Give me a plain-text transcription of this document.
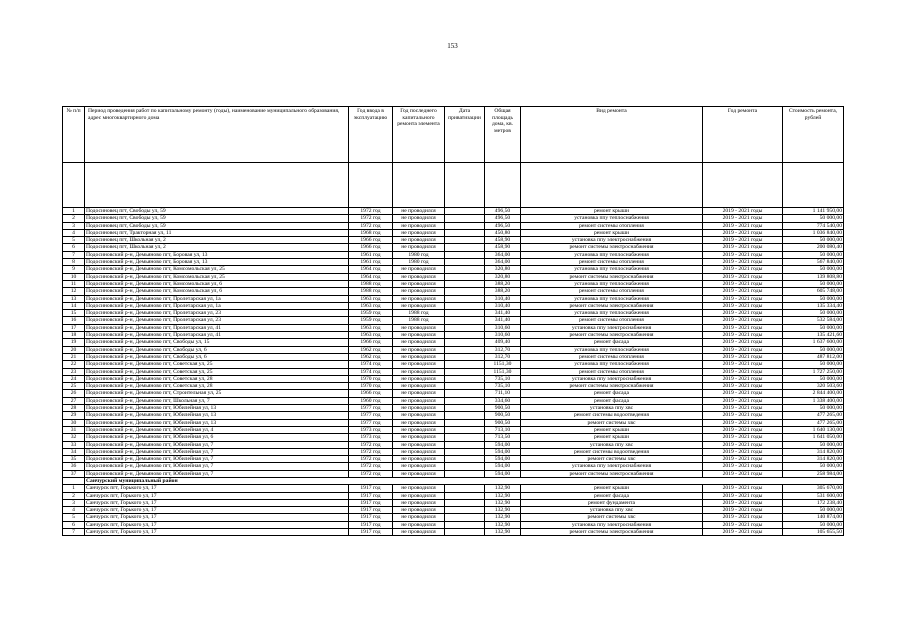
153
№ п/п	Период проведения работ по капитальному ремонту (годы), наименование муниципального образования, адрес многоквартирного дома	Год ввода в эксплуатацию	Год последнего капитального ремонта элемента	Дата приватизации	Общая площадь дома, кв. метров	Вид ремонта	Год ремонта	Стоимость ремонта, рублей

1	Подосиновец пгт, Свободы ул, 59	1972 год	не проводился		496,50	ремонт крыши	2019 - 2021 годы	1 141 950,00
2	Подосиновец пгт, Свободы ул, 59	1972 год	не проводился		496,50	установка ппу теплоснабжения	2019 - 2021 годы	50 000,00
3	Подосиновец пгт, Свободы ул, 59	1972 год	не проводился		496,50	ремонт системы отопления	2019 - 2021 годы	774 540,00
4	Подосиновец пгт, Тракторная ул, 11	1968 год	не проводился		450,80	ремонт крыши	2019 - 2021 годы	1 036 840,00
5	Подосиновец пгт, Школьная ул, 2	1966 год	не проводился		458,90	установка ппу электроснабжения	2019 - 2021 годы	50 000,00
6	Подосиновец пгт, Школьная ул, 2	1966 год	не проводился		458,90	ремонт системы электроснабжения	2019 - 2021 годы	200 080,40
7	Подосиновский р-н, Демьяново пгт, Боровая ул, 13	1961 год	1980 год		364,00	установка ппу теплоснабжения	2019 - 2021 годы	50 000,00
8	Подосиновский р-н, Демьяново пгт, Боровая ул, 13	1961 год	1980 год		364,00	ремонт системы отопления	2019 - 2021 годы	567 840,00
9	Подосиновский р-н, Демьяново пгт, Комсомольская ул, 25	1964 год	не проводился		320,80	установка ппу теплоснабжения	2019 - 2021 годы	50 000,00
10	Подосиновский р-н, Демьяново пгт, Комсомольская ул, 25	1964 год	не проводился		320,80	ремонт системы электроснабжения	2019 - 2021 годы	139 808,80
11	Подосиновский р-н, Демьяново пгт, Комсомольская ул, 6	1988 год	не проводился		388,20	установка ппу теплоснабжения	2019 - 2021 годы	50 000,00
12	Подосиновский р-н, Демьяново пгт, Комсомольская ул, 6	1988 год	не проводился		388,20	ремонт системы отопления	2019 - 2021 годы	605 748,00
13	Подосиновский р-н, Демьяново пгт, Пролетарская ул, 1а	1963 год	не проводился		310,40	установка ппу теплоснабжения	2019 - 2021 годы	50 000,00
14	Подосиновский р-н, Демьяново пгт, Пролетарская ул, 1а	1963 год	не проводился		310,40	ремонт системы электроснабжения	2019 - 2021 годы	135 334,40
15	Подосиновский р-н, Демьяново пгт, Пролетарская ул, 23	1959 год	1988 год		341,40	установка ппу теплоснабжения	2019 - 2021 годы	50 000,00
16	Подосиновский р-н, Демьяново пгт, Пролетарская ул, 23	1959 год	1988 год		341,40	ремонт системы отопления	2019 - 2021 годы	532 584,00
17	Подосиновский р-н, Демьяново пгт, Пролетарская ул, 41	1963 год	не проводился		310,60	установка ппу электроснабжения	2019 - 2021 годы	50 000,00
18	Подосиновский р-н, Демьяново пгт, Пролетарская ул, 41	1963 год	не проводился		310,60	ремонт системы электроснабжения	2019 - 2021 годы	135 421,60
19	Подосиновский р-н, Демьяново пгт, Свободы ул, 15	1966 год	не проводился		409,40	ремонт фасада	2019 - 2021 годы	1 637 600,00
20	Подосиновский р-н, Демьяново пгт, Свободы ул, 6	1962 год	не проводился		312,70	установка ппу теплоснабжения	2019 - 2021 годы	50 000,00
21	Подосиновский р-н, Демьяново пгт, Свободы ул, 6	1962 год	не проводился		312,70	ремонт системы отопления	2019 - 2021 годы	487 812,00
22	Подосиновский р-н, Демьяново пгт, Советская ул, 25	1974 год	не проводился		1151,30	установка ппу теплоснабжения	2019 - 2021 годы	50 000,00
23	Подосиновский р-н, Демьяново пгт, Советская ул, 25	1974 год	не проводился		1151,30	ремонт системы отопления	2019 - 2021 годы	1 727 250,00
24	Подосиновский р-н, Демьяново пгт, Советская ул, 28	1970 год	не проводился		735,10	установка ппу электроснабжения	2019 - 2021 годы	50 000,00
25	Подосиновский р-н, Демьяново пгт, Советская ул, 28	1970 год	не проводился		735,10	ремонт системы электроснабжения	2019 - 2021 годы	320 503,60
26	Подосиновский р-н, Демьяново пгт, Строительная ул, 25	1966 год	не проводился		711,10	ремонт фасада	2019 - 2021 годы	2 844 400,00
27	Подосиновский р-н, Демьяново пгт, Школьная ул, 7	1960 год	не проводился		334,60	ремонт фасада	2019 - 2021 годы	1 338 400,00
28	Подосиновский р-н, Демьяново пгт, Юбилейная ул, 13	1977 год	не проводился		900,50	установка ппу хвс	2019 - 2021 годы	50 000,00
29	Подосиновский р-н, Демьяново пгт, Юбилейная ул, 13	1977 год	не проводился		900,50	ремонт системы водоотведения	2019 - 2021 годы	477 265,00
30	Подосиновский р-н, Демьяново пгт, Юбилейная ул, 13	1977 год	не проводился		900,50	ремонт системы хвс	2019 - 2021 годы	477 265,00
31	Подосиновский р-н, Демьяново пгт, Юбилейная ул, 4	1973 год	не проводился		713,10	ремонт крыши	2019 - 2021 годы	1 640 130,00
32	Подосиновский р-н, Демьяново пгт, Юбилейная ул, 6	1973 год	не проводился		713,50	ремонт крыши	2019 - 2021 годы	1 641 050,00
33	Подосиновский р-н, Демьяново пгт, Юбилейная ул, 7	1972 год	не проводился		594,00	установка ппу хвс	2019 - 2021 годы	50 000,00
34	Подосиновский р-н, Демьяново пгт, Юбилейная ул, 7	1972 год	не проводился		594,00	ремонт системы водоотведения	2019 - 2021 годы	314 820,00
35	Подосиновский р-н, Демьяново пгт, Юбилейная ул, 7	1972 год	не проводился		594,00	ремонт системы хвс	2019 - 2021 годы	314 820,00
36	Подосиновский р-н, Демьяново пгт, Юбилейная ул, 7	1972 год	не проводился		594,00	установка ппу электроснабжения	2019 - 2021 годы	50 000,00
37	Подосиновский р-н, Демьяново пгт, Юбилейная ул, 7	1972 год	не проводился		594,00	ремонт системы электроснабжения	2019 - 2021 годы	258 984,00
	Санчурский муниципальный район							
1	Санчурск пгт, Горького ул, 17	1917 год	не проводился		132,90	ремонт крыши	2019 - 2021 годы	305 670,00
2	Санчурск пгт, Горького ул, 17	1917 год	не проводился		132,90	ремонт фасада	2019 - 2021 годы	531 600,00
3	Санчурск пгт, Горького ул, 17	1917 год	не проводился		132,90	ремонт фундамента	2019 - 2021 годы	172 238,40
4	Санчурск пгт, Горького ул, 17	1917 год	не проводился		132,90	установка ппу хвс	2019 - 2021 годы	50 000,00
5	Санчурск пгт, Горького ул, 17	1917 год	не проводился		132,90	ремонт системы хвс	2019 - 2021 годы	140 874,00
6	Санчурск пгт, Горького ул, 17	1917 год	не проводился		132,90	установка ппу электроснабжения	2019 - 2021 годы	50 000,00
7	Санчурск пгт, Горького ул, 17	1917 год	не проводился		132,90	ремонт системы электроснабжения	2019 - 2021 годы	105 655,50
